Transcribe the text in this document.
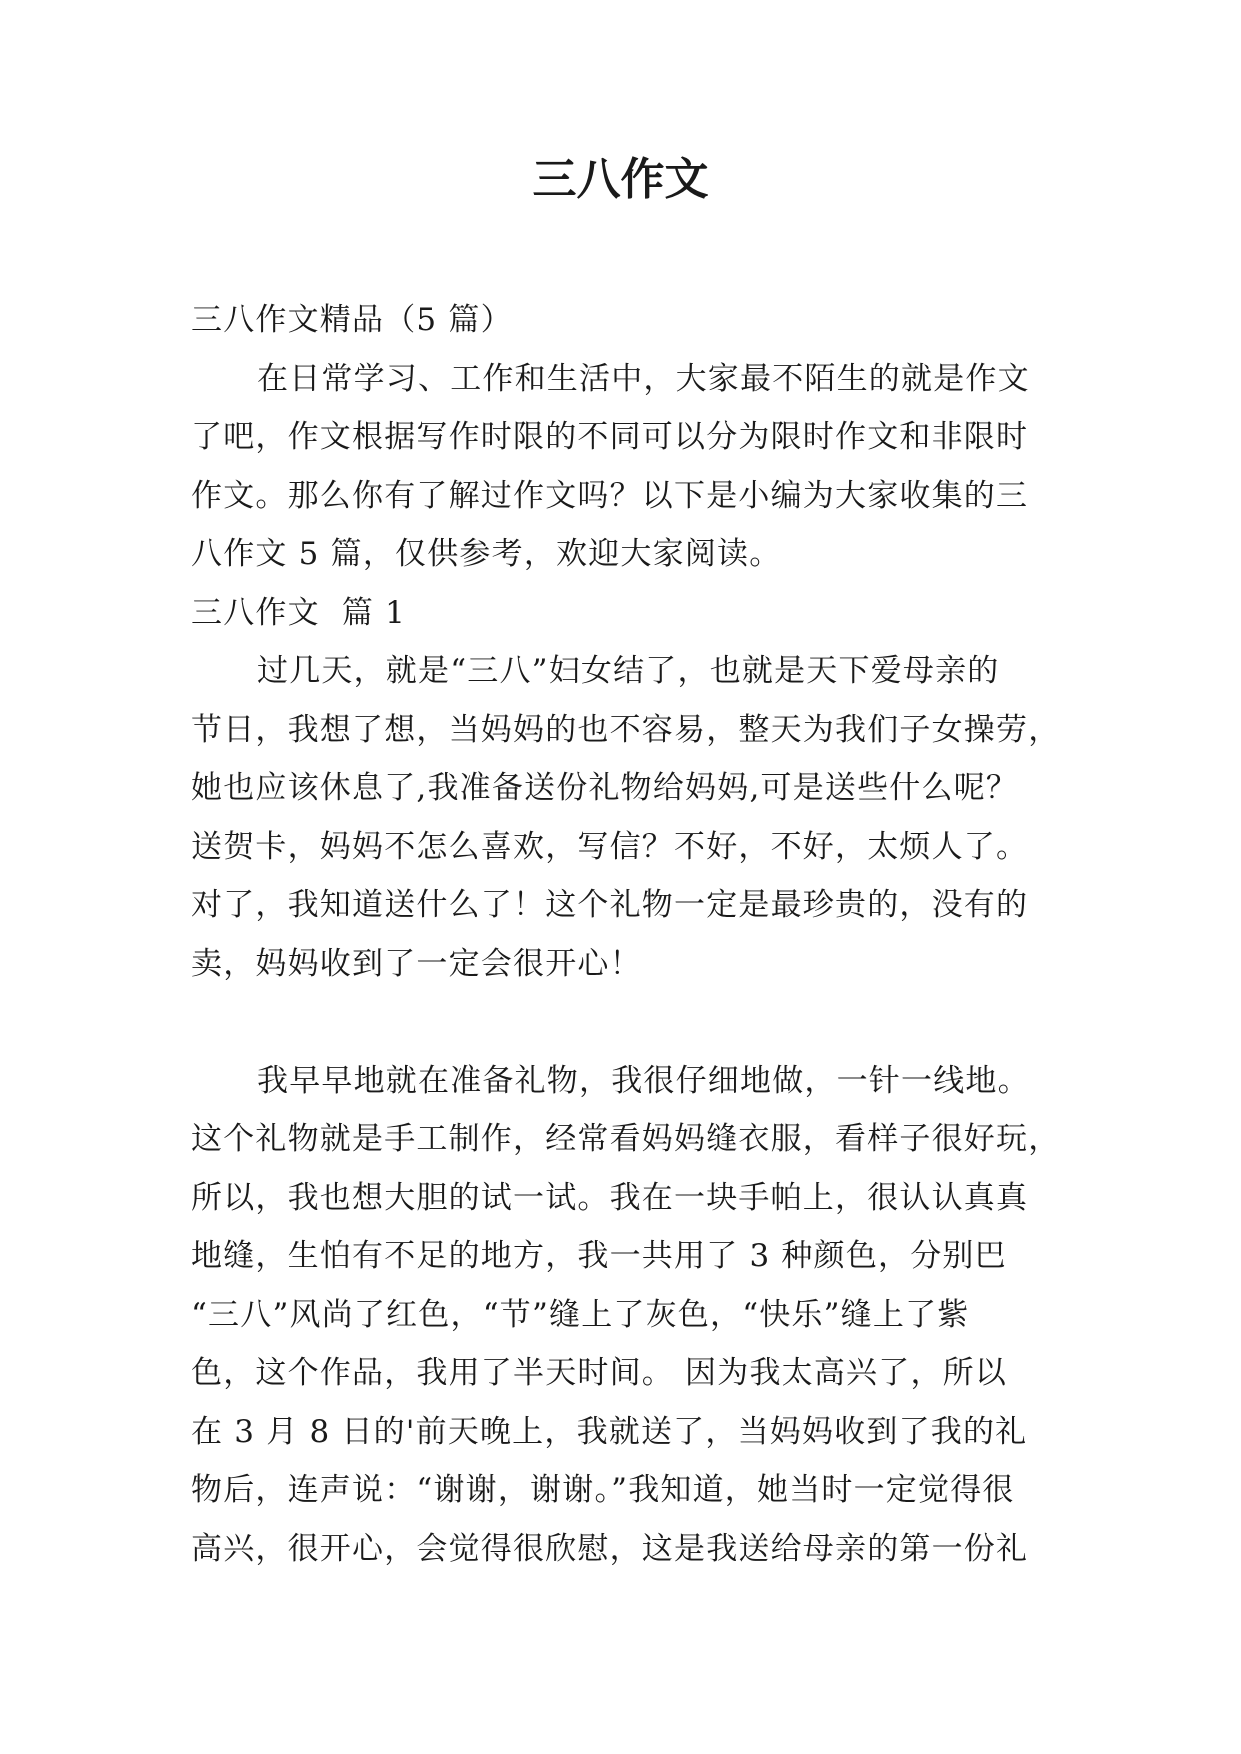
三八作文
三八作文精品（5 篇）
在日常学习、工作和生活中，大家最不陌生的就是作文
了吧，作文根据写作时限的不同可以分为限时作文和非限时
作文。那么你有了解过作文吗？以下是小编为大家收集的三
八作文 5 篇，仅供参考，欢迎大家阅读。
三八作文  篇 1
过几天，就是“三八”妇女结了，也就是天下爱母亲的
节日，我想了想，当妈妈的也不容易，整天为我们子女操劳，
她也应该休息了,我准备送份礼物给妈妈,可是送些什么呢？
送贺卡，妈妈不怎么喜欢，写信？不好，不好，太烦人了。
对了，我知道送什么了！这个礼物一定是最珍贵的，没有的
卖，妈妈收到了一定会很开心！
我早早地就在准备礼物，我很仔细地做，一针一线地。
这个礼物就是手工制作，经常看妈妈缝衣服，看样子很好玩，
所以，我也想大胆的试一试。我在一块手帕上，很认认真真
地缝，生怕有不足的地方，我一共用了 3 种颜色，分别巴
“三八”风尚了红色，“节”缝上了灰色，“快乐”缝上了紫
色，这个作品，我用了半天时间。 因为我太高兴了，所以
在 3 月 8 日的'前天晚上，我就送了，当妈妈收到了我的礼
物后，连声说：“谢谢，谢谢。”我知道，她当时一定觉得很
高兴，很开心，会觉得很欣慰，这是我送给母亲的第一份礼
